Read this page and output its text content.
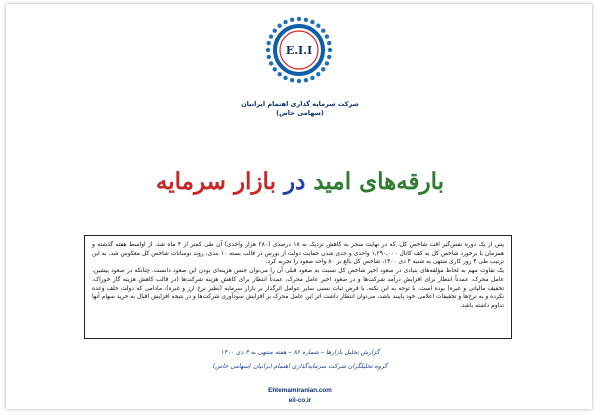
E.I.I
شرکت سرمایه گذاری اهتمام ایرانیان
(سهامی خاص)
بارقه‌های امید در بازار سرمایه

پس از یک دوره نفس‌گیر افت شاخص کل، که در نهایت منجر به کاهش نزدیک به ۱۸ درصدی (۲۸۰ هزار واحدی) آن طی کمتر از ۴ ماه شد، از اواسط هفته گذشته و همزمان با برخورد شاخص کل به کف کانال ۱,۲۹۰,۰۰۰ واحدی و جدی شدن حمایت دولت از بورس در قالب بسته ۱۰ بندی، روند نوسانات شاخص کل معکوس شد. به این ترتیب طی ۴ روز کاری منتهی به شنبه ۴ دی ۱۴۰۰، شاخص کل بالغ بر ۸۰ واحد صعود را تجربه کرد.

یک تفاوت مهم به لحاظ مؤلفه‌های بنیادی در صعود اخیر شاخص کل نسبت به صعود قبلی آن را می‌توان جنس هزینه‌ای بودن این صعود دانست. چنانکه در صعود پیشین، عامل محرک، عمدتاً انتظار برای افزایش درآمد شرکت‌ها و در صعود اخیر عامل محرک، عمدتاً انتظار برای کاهش هزینه شرکت‌ها (در قالب کاهش هزینه گاز خوراک، تخفیف مالیاتی و غیره) بوده است. با توجه به این نکته، با فرض ثبات نسبی سایر عوامل اثرگذار بر بازار سرمایه (نظیر نرخ ارز و غیره)، مادامی که دولت خلف وعده نکرده و به نرخ‌ها و تخفیفات اعلامی خود پایبند باشد، می‌توان انتظار داشت اثر این عامل محرک بر افزایش سودآوری شرکت‌ها و در نتیجه افزایش اقبال به خرید سهام آنها تداوم داشته باشد.

گزارش تحلیل بازارها – شماره ۸۶ – هفته منتهی به ۴ دی ۱۴۰۰
گروه تحلیلگران شرکت سرمایه‌گذاری اهتمام ایرانیان (سهامی خاص)
Ehtemamiranian.com
eii-co.ir
